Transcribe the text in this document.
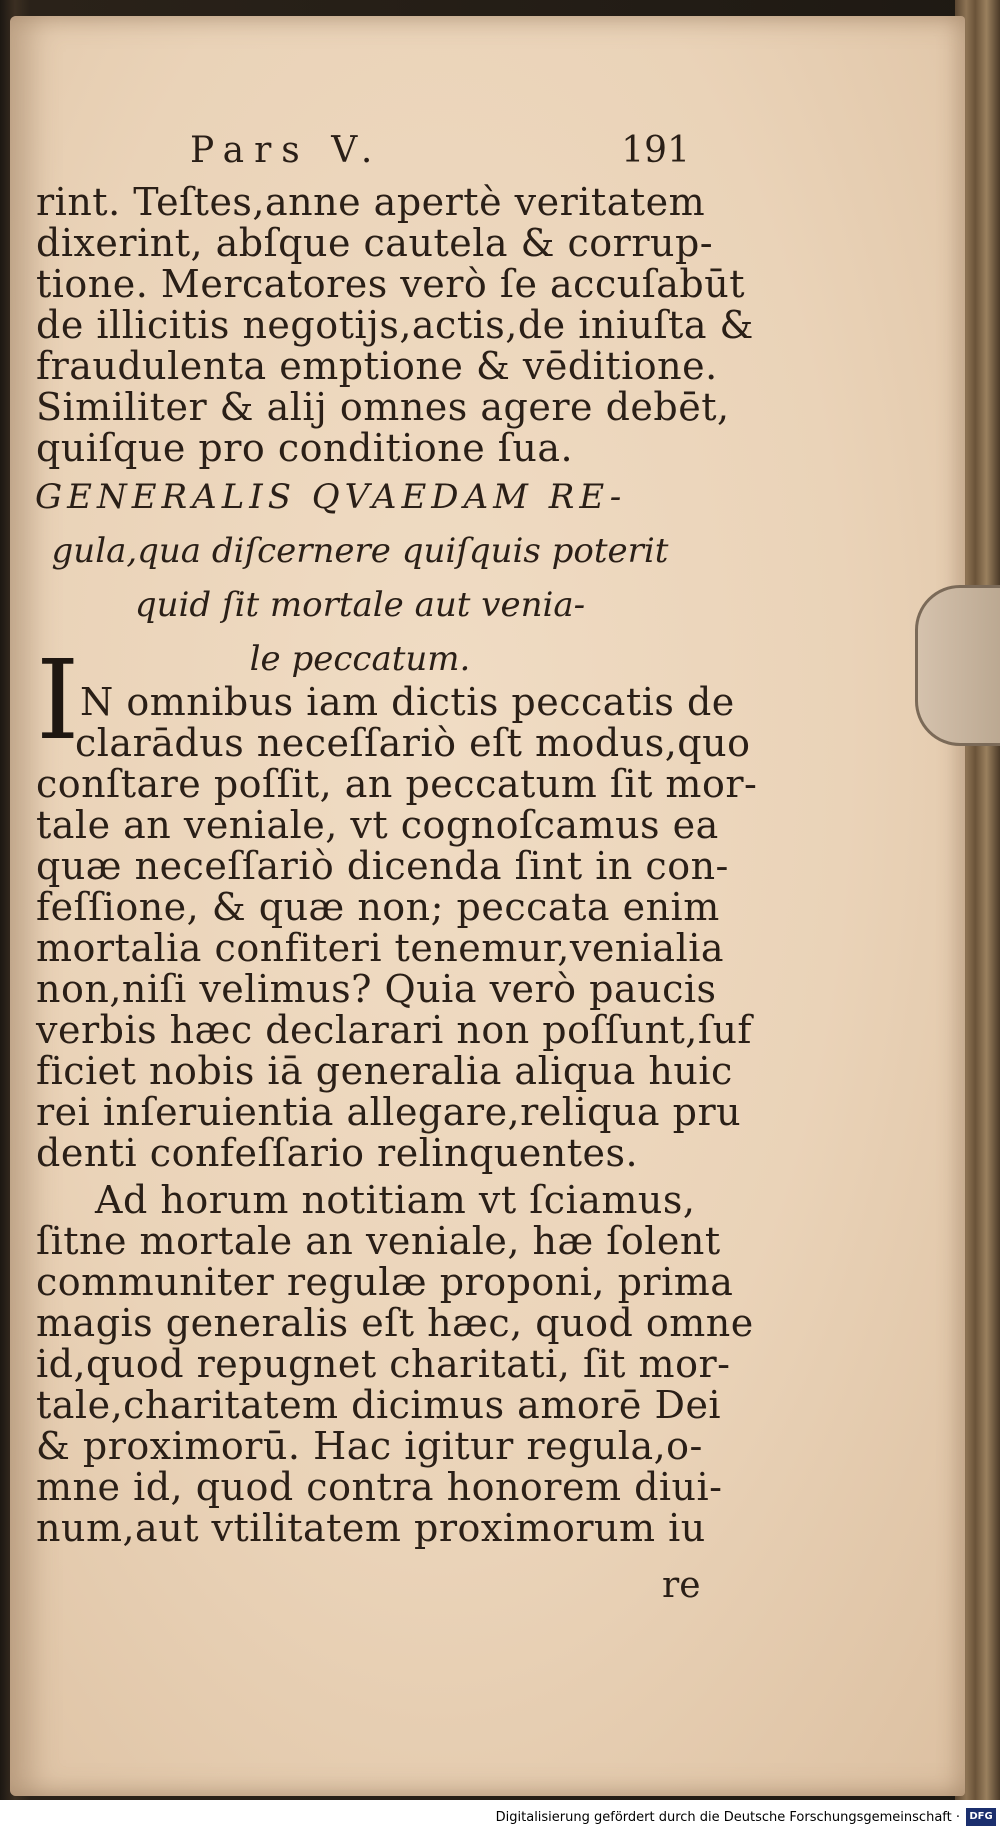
Pars V.	191
rint. Teſtes,anne apertè veritatem
dixerint, abſque cautela & corrup-
tione. Mercatores verò ſe accuſabūt
de illicitis negotijs,actis,de iniuſta &
fraudulenta emptione & vēditione.
Similiter & alij omnes agere debēt,
quiſque pro conditione ſua.
GENERALIS QVAEDAM RE-
gula,qua diſcernere quiſquis poterit
quid ſit mortale aut venia-
le peccatum.
I N omnibus iam dictis peccatis de
clarādus neceſſariò eſt modus,quo
conſtare poſſit, an peccatum ſit mor-
tale an veniale, vt cognoſcamus ea
quæ neceſſariò dicenda ſint in con-
feſſione, & quæ non; peccata enim
mortalia confiteri tenemur,venialia
non,niſi velimus? Quia verò paucis
verbis hæc declarari non poſſunt,ſuf
ficiet nobis iā generalia aliqua huic
rei inſeruientia allegare,reliqua pru
denti confeſſario relinquentes.
Ad horum notitiam vt ſciamus,
ſitne mortale an veniale, hæ ſolent
communiter regulæ proponi, prima
magis generalis eſt hæc, quod omne
id,quod repugnet charitati, ſit mor-
tale,charitatem dicimus amorē Dei
& proximorū. Hac igitur regula,o-
mne id, quod contra honorem diui-
num,aut vtilitatem proximorum iu
re
Digitalisierung gefördert durch die Deutsche Forschungsgemeinschaft · DFG
